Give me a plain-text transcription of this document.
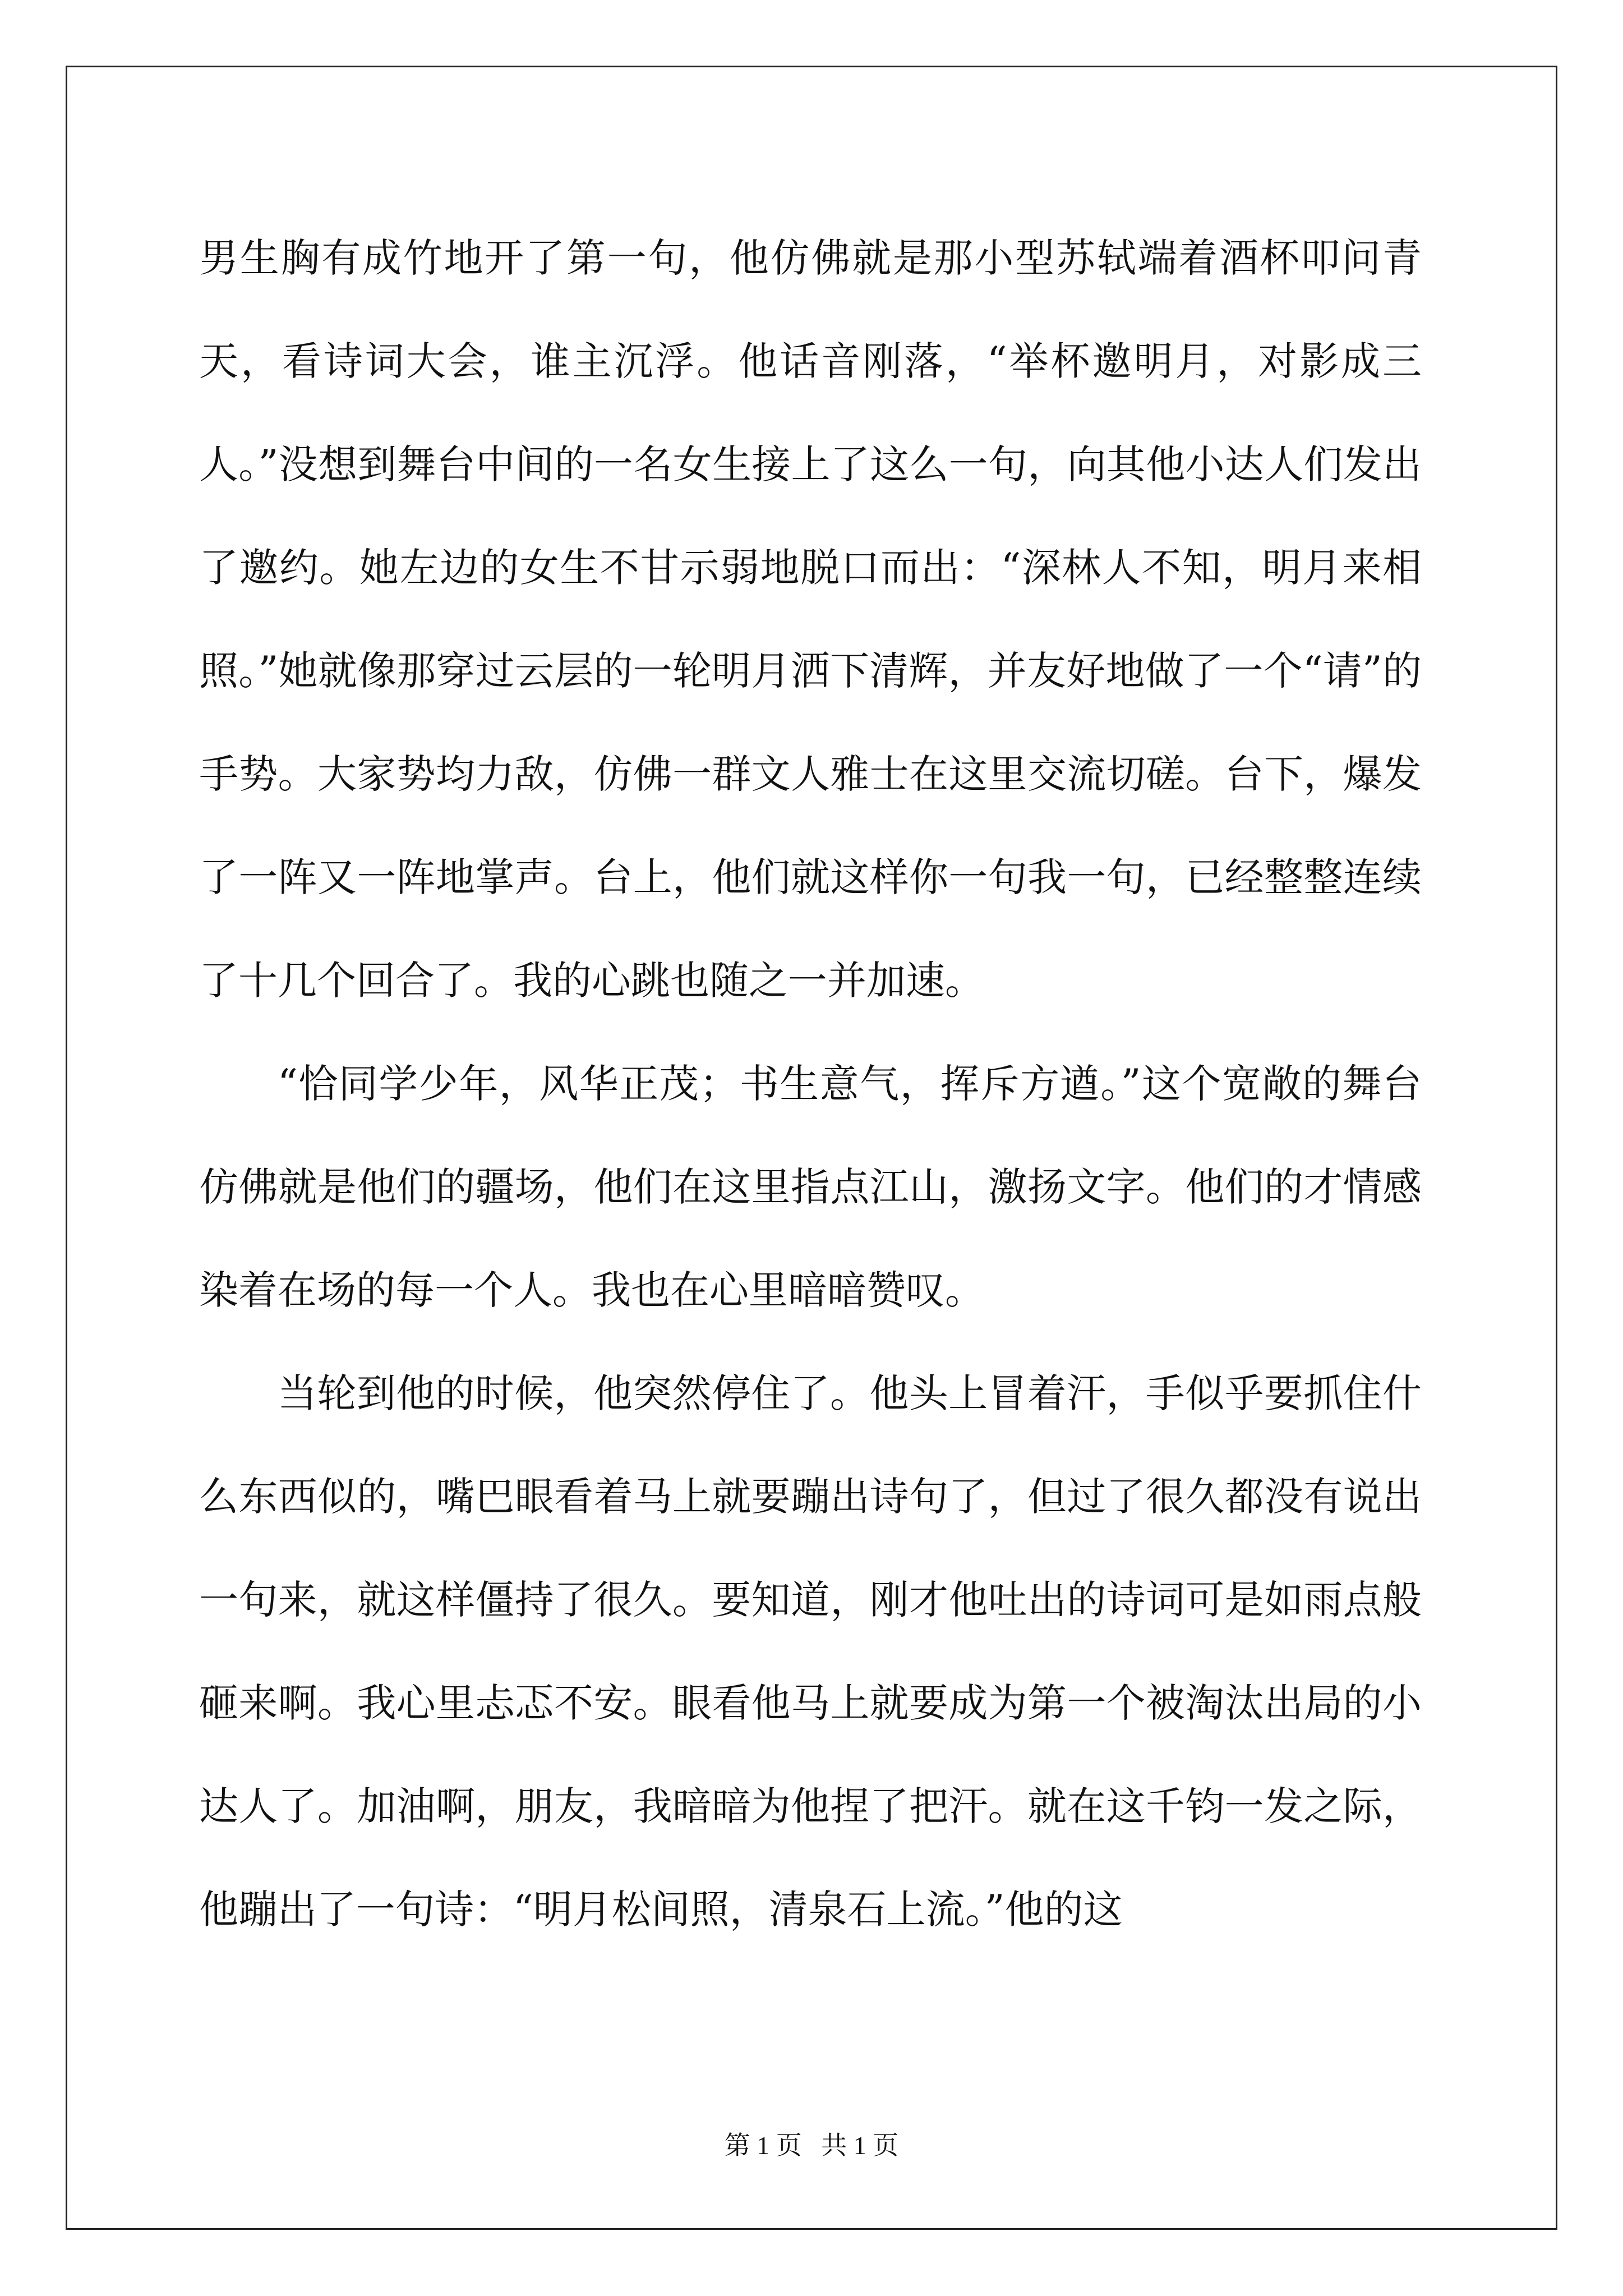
男生胸有成竹地开了第一句，他仿佛就是那小型苏轼端着酒杯叩问青天，看诗词大会，谁主沉浮。他话音刚落，“举杯邀明月，对影成三人。”没想到舞台中间的一名女生接上了这么一句，向其他小达人们发出了邀约。她左边的女生不甘示弱地脱口而出：“深林人不知，明月来相照。”她就像那穿过云层的一轮明月洒下清辉，并友好地做了一个“请”的手势。大家势均力敌，仿佛一群文人雅士在这里交流切磋。台下，爆发了一阵又一阵地掌声。台上，他们就这样你一句我一句，已经整整连续了十几个回合了。我的心跳也随之一并加速。

“恰同学少年，风华正茂；书生意气，挥斥方遒。”这个宽敞的舞台仿佛就是他们的疆场，他们在这里指点江山，激扬文字。他们的才情感染着在场的每一个人。我也在心里暗暗赞叹。

当轮到他的时候，他突然停住了。他头上冒着汗，手似乎要抓住什么东西似的，嘴巴眼看着马上就要蹦出诗句了，但过了很久都没有说出一句来，就这样僵持了很久。要知道，刚才他吐出的诗词可是如雨点般砸来啊。我心里忐忑不安。眼看他马上就要成为第一个被淘汰出局的小达人了。加油啊，朋友，我暗暗为他捏了把汗。就在这千钧一发之际，他蹦出了一句诗：“明月松间照，清泉石上流。”他的这

第 1 页 共 1 页
